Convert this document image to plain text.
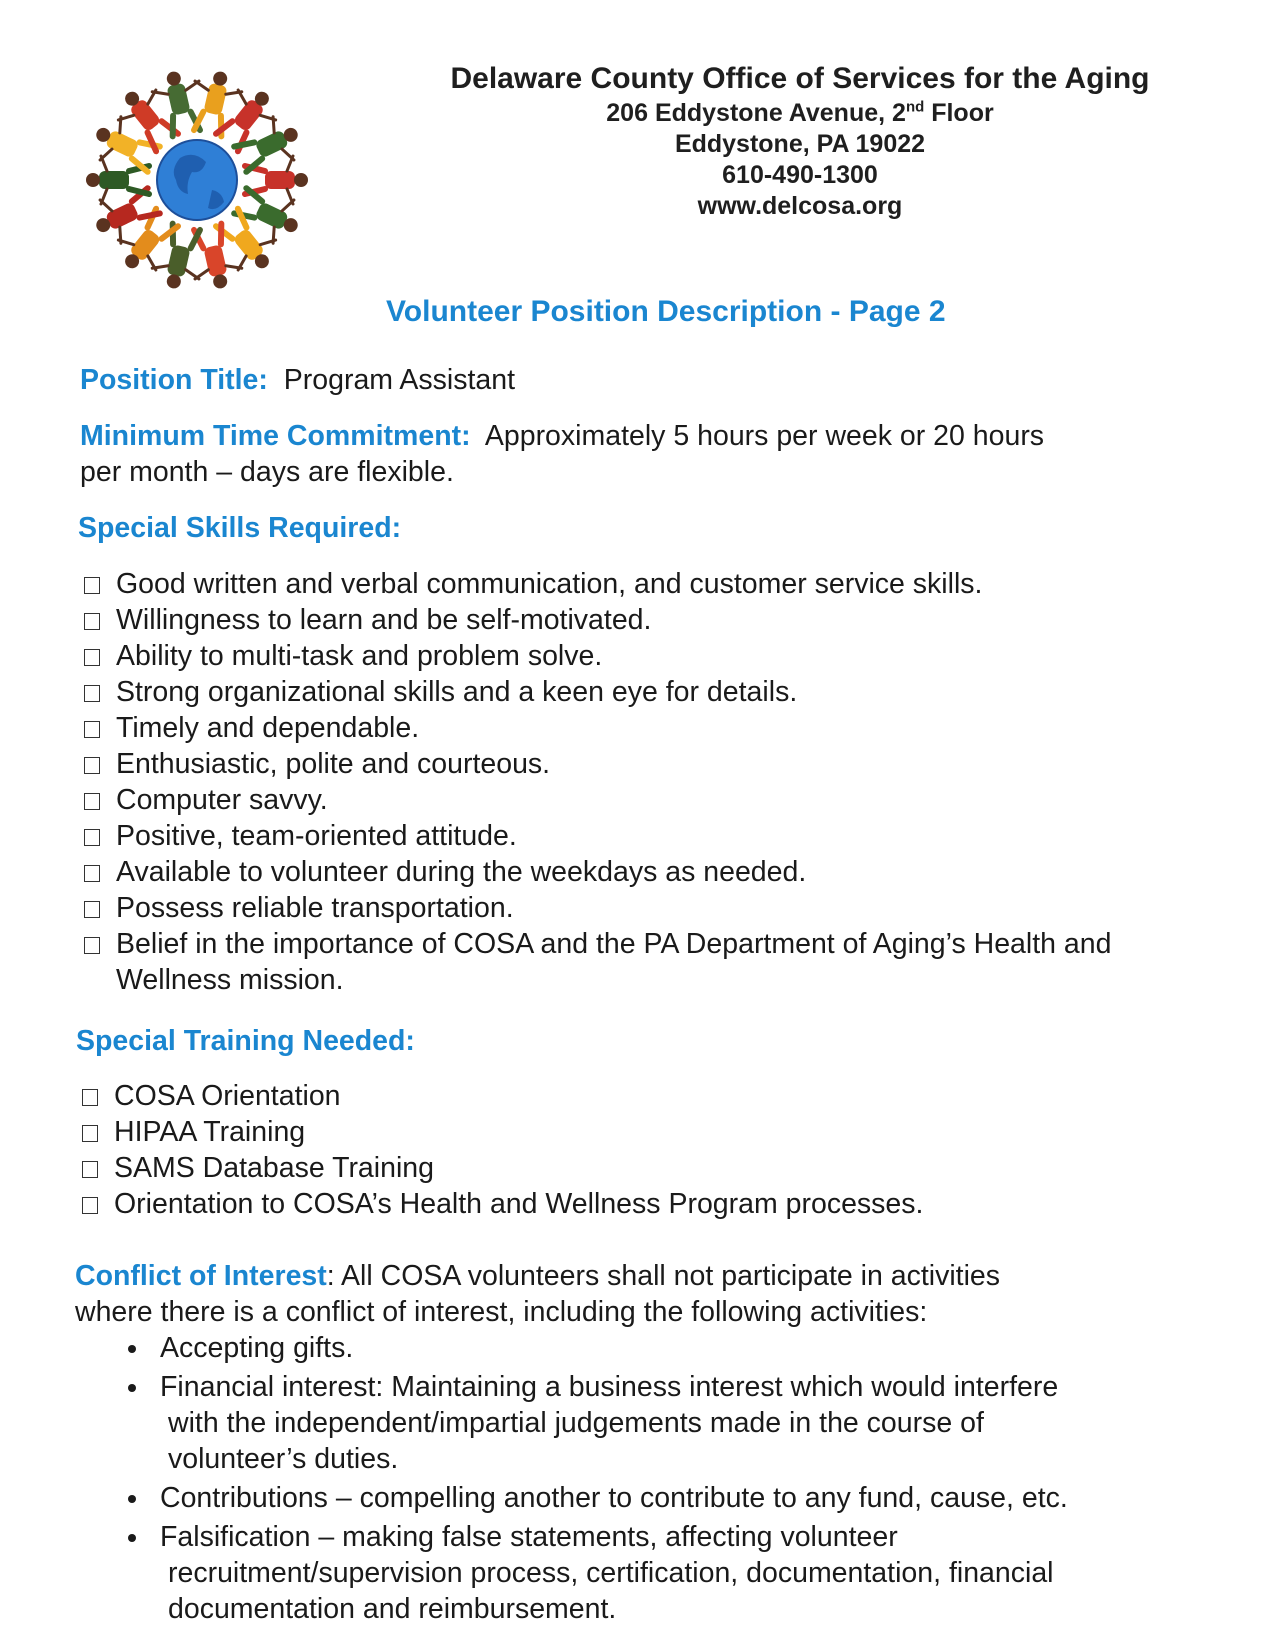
Delaware County Office of Services for the Aging
206 Eddystone Avenue, 2nd Floor
Eddystone, PA 19022
610-490-1300
www.delcosa.org
Volunteer Position Description - Page 2
Position Title: Program Assistant
Minimum Time Commitment: Approximately 5 hours per week or 20 hours
per month – days are flexible.
Special Skills Required:
Good written and verbal communication, and customer service skills.
Willingness to learn and be self-motivated.
Ability to multi-task and problem solve.
Strong organizational skills and a keen eye for details.
Timely and dependable.
Enthusiastic, polite and courteous.
Computer savvy.
Positive, team-oriented attitude.
Available to volunteer during the weekdays as needed.
Possess reliable transportation.
Belief in the importance of COSA and the PA Department of Aging’s Health and Wellness mission.
Special Training Needed:
COSA Orientation
HIPAA Training
SAMS Database Training
Orientation to COSA’s Health and Wellness Program processes.
Conflict of Interest: All COSA volunteers shall not participate in activities
where there is a conflict of interest, including the following activities:
Accepting gifts.
Financial interest: Maintaining a business interest which would interfere
with the independent/impartial judgements made in the course of
volunteer’s duties.
Contributions – compelling another to contribute to any fund, cause, etc.
Falsification – making false statements, affecting volunteer
recruitment/supervision process, certification, documentation, financial
documentation and reimbursement.
